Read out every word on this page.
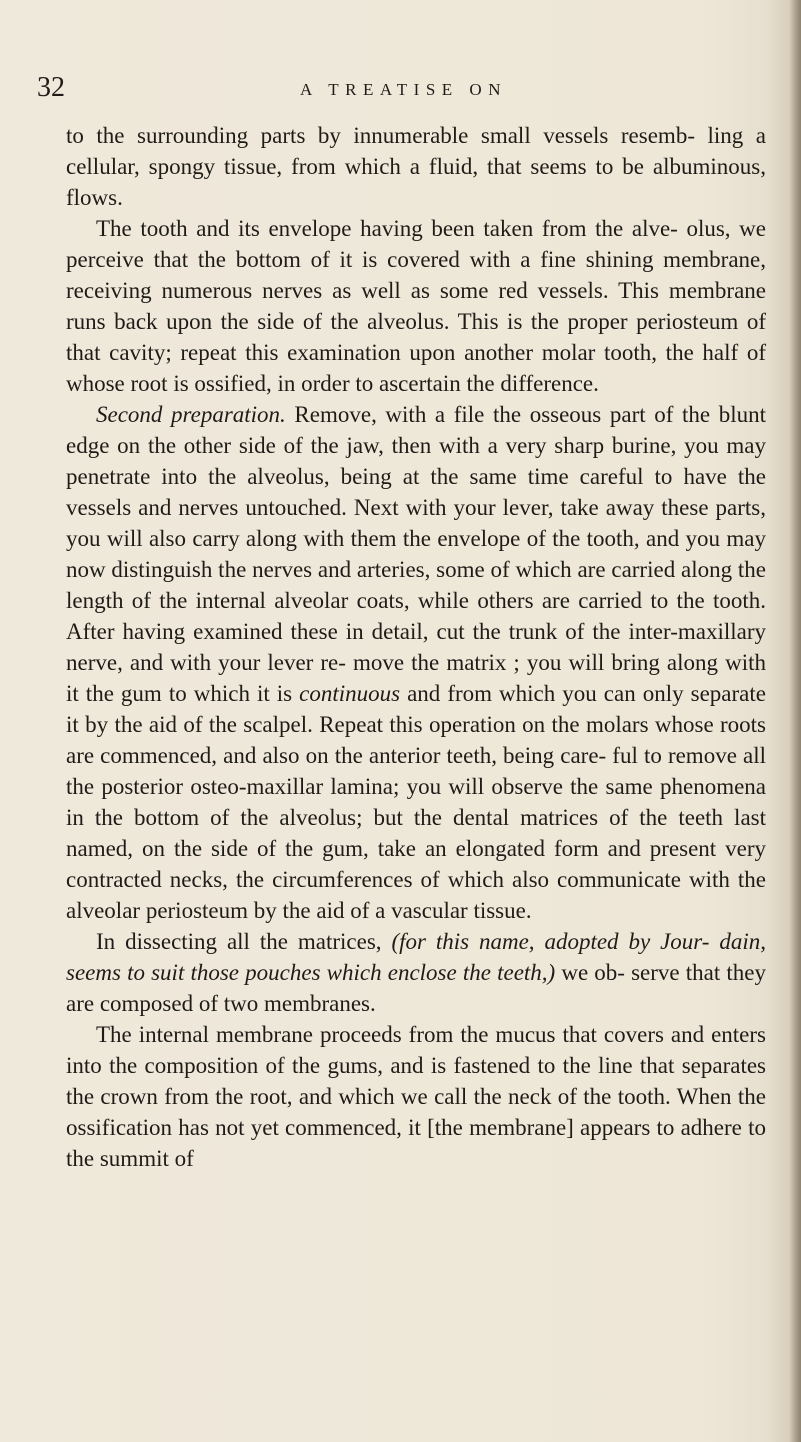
32	A TREATISE ON

to the surrounding parts by innumerable small vessels resemb- ling a cellular, spongy tissue, from which a fluid, that seems to be albuminous, flows.

The tooth and its envelope having been taken from the alve- olus, we perceive that the bottom of it is covered with a fine shining membrane, receiving numerous nerves as well as some red vessels. This membrane runs back upon the side of the alveolus. This is the proper periosteum of that cavity; repeat this examination upon another molar tooth, the half of whose root is ossified, in order to ascertain the difference.

Second preparation. Remove, with a file the osseous part of the blunt edge on the other side of the jaw, then with a very sharp burine, you may penetrate into the alveolus, being at the same time careful to have the vessels and nerves untouched. Next with your lever, take away these parts, you will also carry along with them the envelope of the tooth, and you may now distinguish the nerves and arteries, some of which are carried along the length of the internal alveolar coats, while others are carried to the tooth. After having examined these in detail, cut the trunk of the inter-maxillary nerve, and with your lever re- move the matrix ; you will bring along with it the gum to which it is continuous and from which you can only separate it by the aid of the scalpel. Repeat this operation on the molars whose roots are commenced, and also on the anterior teeth, being care- ful to remove all the posterior osteo-maxillar lamina; you will observe the same phenomena in the bottom of the alveolus; but the dental matrices of the teeth last named, on the side of the gum, take an elongated form and present very contracted necks, the circumferences of which also communicate with the alveolar periosteum by the aid of a vascular tissue.

In dissecting all the matrices, (for this name, adopted by Jour- dain, seems to suit those pouches which enclose the teeth,) we ob- serve that they are composed of two membranes.

The internal membrane proceeds from the mucus that covers and enters into the composition of the gums, and is fastened to the line that separates the crown from the root, and which we call the neck of the tooth. When the ossification has not yet commenced, it [the membrane] appears to adhere to the summit of
